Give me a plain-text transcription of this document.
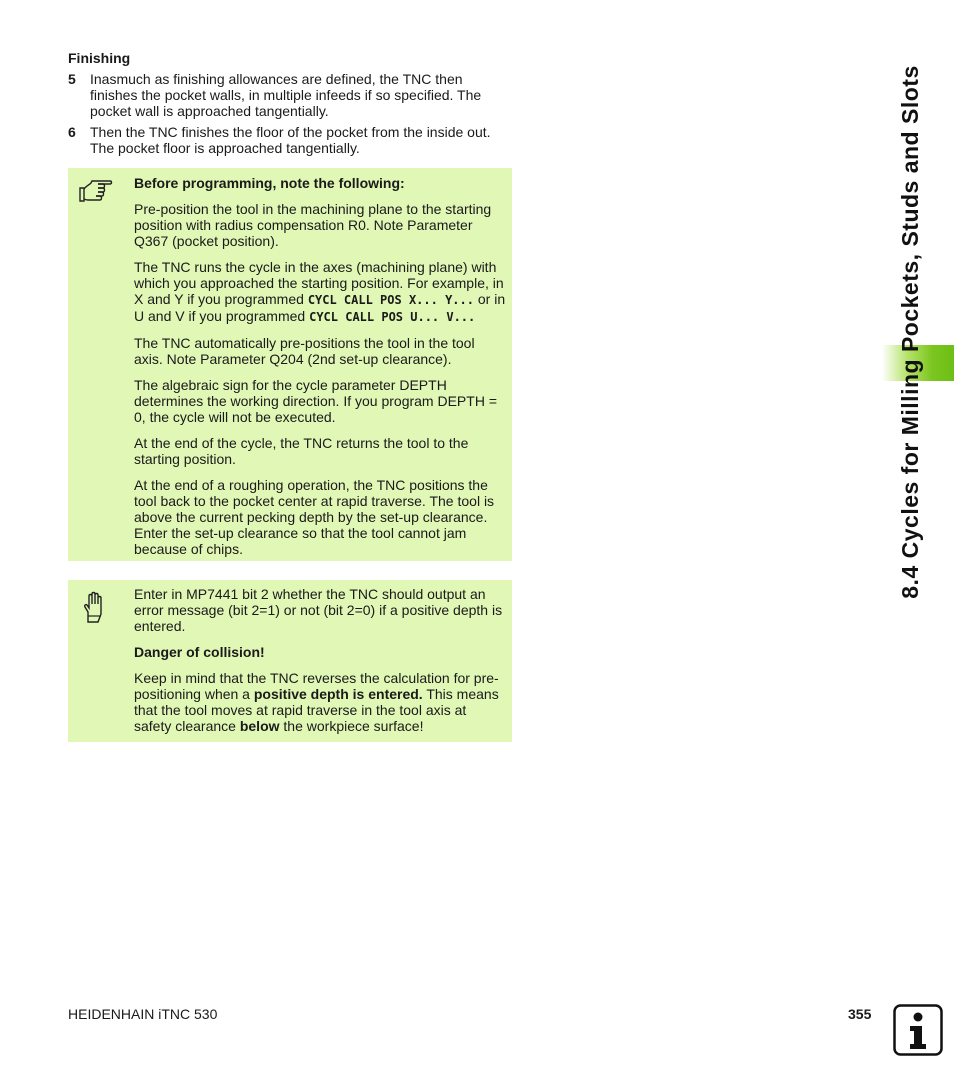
Finishing
5	Inasmuch as finishing allowances are defined, the TNC then finishes the pocket walls, in multiple infeeds if so specified. The pocket wall is approached tangentially.
6	Then the TNC finishes the floor of the pocket from the inside out. The pocket floor is approached tangentially.

Before programming, note the following:

Pre-position the tool in the machining plane to the starting position with radius compensation R0. Note Parameter Q367 (pocket position).

The TNC runs the cycle in the axes (machining plane) with which you approached the starting position. For example, in X and Y if you programmed CYCL CALL POS X... Y... or in U and V if you programmed CYCL CALL POS U... V...

The TNC automatically pre-positions the tool in the tool axis. Note Parameter Q204 (2nd set-up clearance).

The algebraic sign for the cycle parameter DEPTH determines the working direction. If you program DEPTH = 0, the cycle will not be executed.

At the end of the cycle, the TNC returns the tool to the starting position.

At the end of a roughing operation, the TNC positions the tool back to the pocket center at rapid traverse. The tool is above the current pecking depth by the set-up clearance. Enter the set-up clearance so that the tool cannot jam because of chips.

Enter in MP7441 bit 2 whether the TNC should output an error message (bit 2=1) or not (bit 2=0) if a positive depth is entered.

Danger of collision!

Keep in mind that the TNC reverses the calculation for pre-positioning when a positive depth is entered. This means that the tool moves at rapid traverse in the tool axis at safety clearance below the workpiece surface!

8.4 Cycles for Milling Pockets, Studs and Slots
HEIDENHAIN iTNC 530	355
